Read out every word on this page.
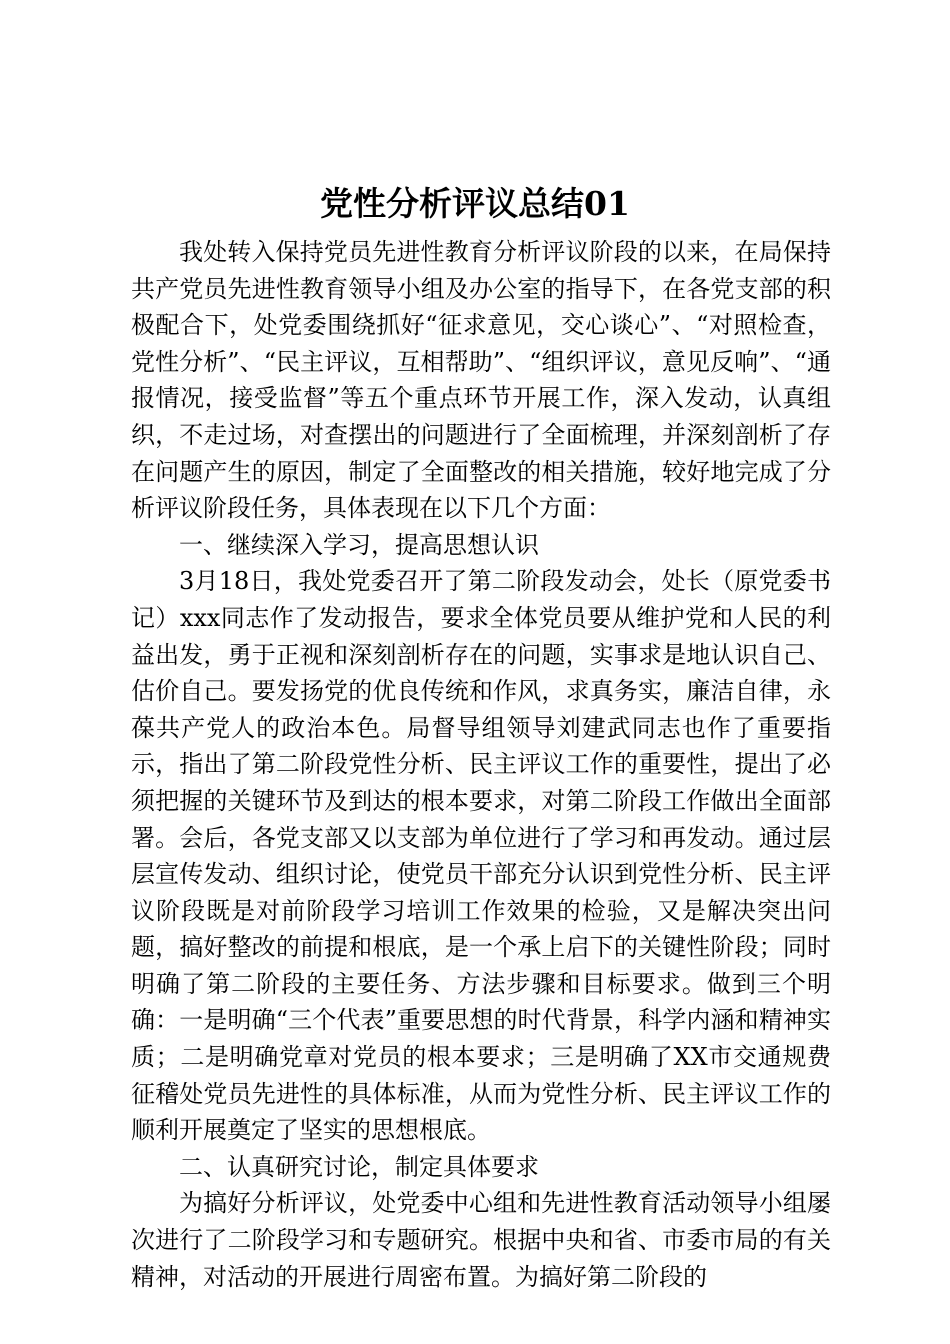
党性分析评议总结01

我处转入保持党员先进性教育分析评议阶段的以来，在局保持共产党员先进性教育领导小组及办公室的指导下，在各党支部的积极配合下，处党委围绕抓好“征求意见，交心谈心”、“对照检查，党性分析”、“民主评议，互相帮助”、“组织评议，意见反响”、“通报情况，接受监督”等五个重点环节开展工作，深入发动，认真组织，不走过场，对查摆出的问题进行了全面梳理，并深刻剖析了存在问题产生的原因，制定了全面整改的相关措施，较好地完成了分析评议阶段任务，具体表现在以下几个方面：

一、继续深入学习，提高思想认识

3月18日，我处党委召开了第二阶段发动会，处长（原党委书记）xxx同志作了发动报告，要求全体党员要从维护党和人民的利益出发，勇于正视和深刻剖析存在的问题，实事求是地认识自己、估价自己。要发扬党的优良传统和作风，求真务实，廉洁自律，永葆共产党人的政治本色。局督导组领导刘建武同志也作了重要指示，指出了第二阶段党性分析、民主评议工作的重要性，提出了必须把握的关键环节及到达的根本要求，对第二阶段工作做出全面部署。会后，各党支部又以支部为单位进行了学习和再发动。通过层层宣传发动、组织讨论，使党员干部充分认识到党性分析、民主评议阶段既是对前阶段学习培训工作效果的检验，又是解决突出问题，搞好整改的前提和根底，是一个承上启下的关键性阶段；同时明确了第二阶段的主要任务、方法步骤和目标要求。做到三个明确：一是明确“三个代表”重要思想的时代背景，科学内涵和精神实质；二是明确党章对党员的根本要求；三是明确了XX市交通规费征稽处党员先进性的具体标准，从而为党性分析、民主评议工作的顺利开展奠定了坚实的思想根底。

二、认真研究讨论，制定具体要求

为搞好分析评议，处党委中心组和先进性教育活动领导小组屡次进行了二阶段学习和专题研究。根据中央和省、市委市局的有关精神，对活动的开展进行周密布置。为搞好第二阶段的
